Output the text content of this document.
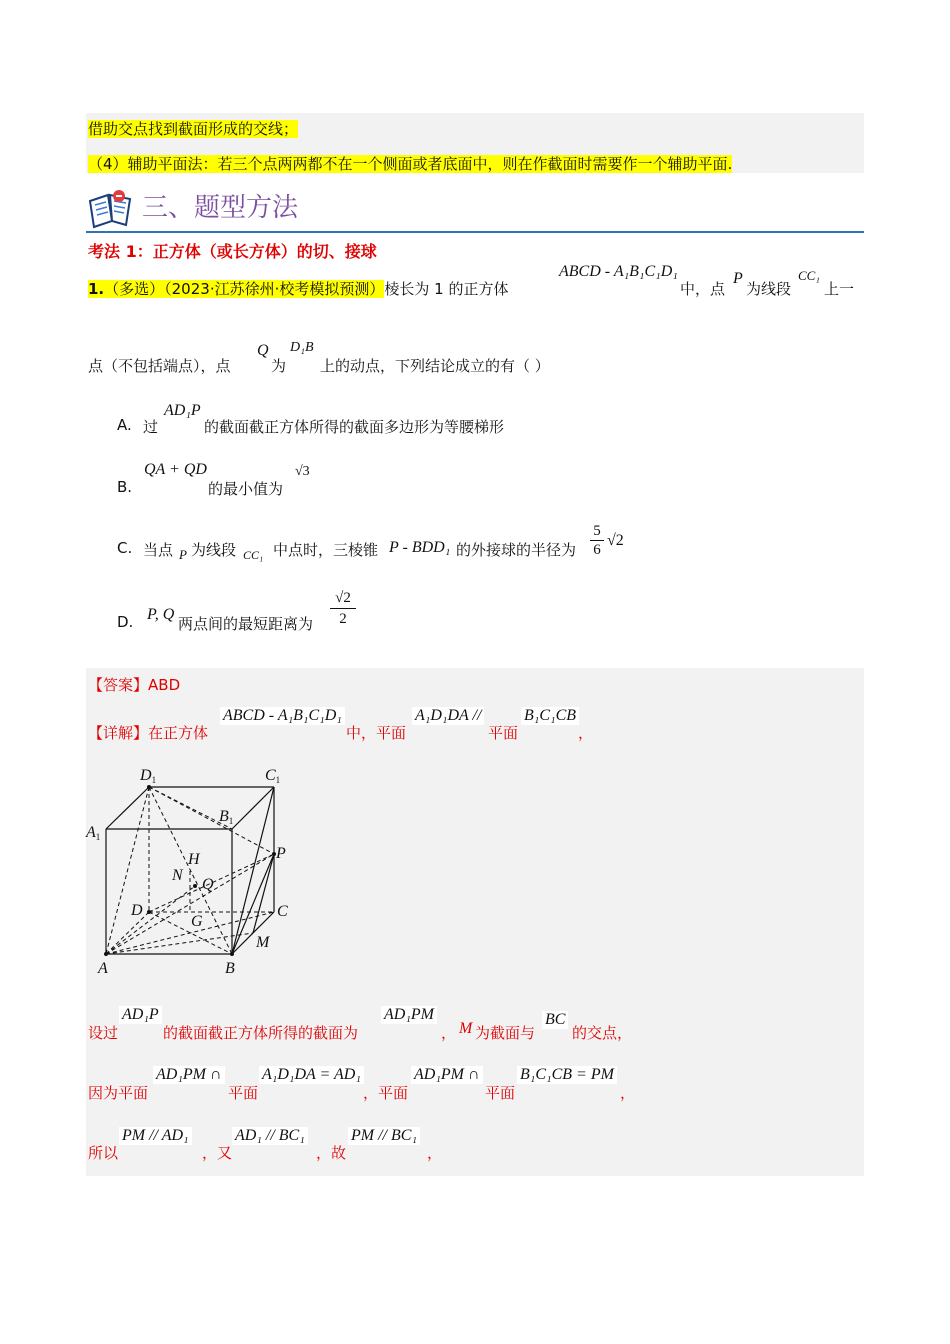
借助交点找到截面形成的交线；
（4）辅助平面法：若三个点两两都不在一个侧面或者底面中，则在作截面时需要作一个辅助平面.
三、题型方法
考法 1：正方体（或长方体）的切、接球
1.（多选）（2023·江苏徐州·校考模拟预测）棱长为 1 的正方体
ABCD - A₁B₁C₁D₁
中，点
P
为线段
CC₁
上一
点（不包括端点），点
Q
为
D₁B
上的动点，下列结论成立的有（ ）
A. 过
AD₁P
的截面截正方体所得的截面多边形为等腰梯形
B.
QA + QD
的最小值为
√3
C. 当点 P 为线段 CC₁ 中点时，三棱锥 P - BDD₁ 的外接球的半径为 $\frac{5}{6} √2$
D. P, Q
两点间的最短距离为 $\frac{√2}{2}$
【答案】ABD
【详解】在正方体
ABCD - A₁B₁C₁D₁
中，平面
A₁D₁DA //
平面
B₁C₁CB
，
D1	C1
B1
A1
H	P
N
Q
D	C
G
M
A	B
设过
AD₁P
的截面截正方体所得的截面为
AD₁PM
， M 为截面与
BC
的交点，
因为平面
AD₁PM ∩
平面
A₁D₁DA = AD₁
，平面
AD₁PM ∩
平面
B₁C₁CB = PM
，
所以
PM // AD₁
，又
AD₁ // BC₁
，故
PM // BC₁
，
